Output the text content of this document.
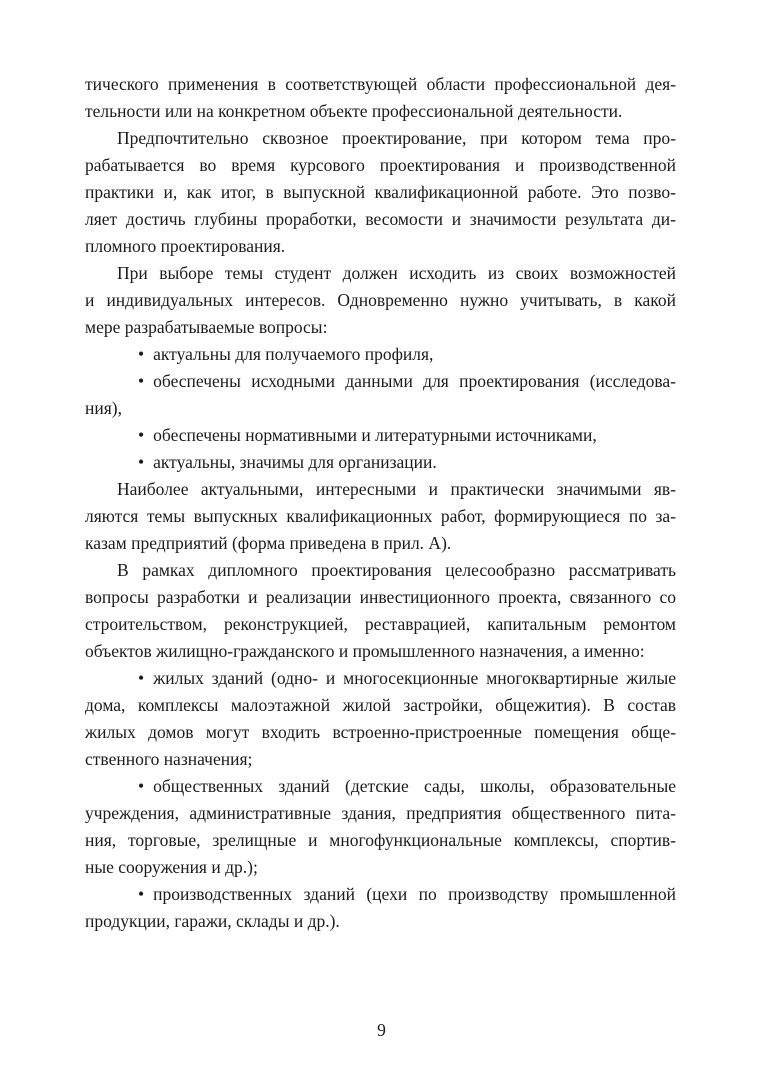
тического применения в соответствующей области профессиональной дея-
тельности или на конкретном объекте профессиональной деятельности.
Предпочтительно сквозное проектирование, при котором тема про-
рабатывается во время курсового проектирования и производственной
практики и, как итог, в выпускной квалификационной работе. Это позво-
ляет достичь глубины проработки, весомости и значимости результата ди-
пломного проектирования.
При выборе темы студент должен исходить из своих возможностей
и индивидуальных интересов. Одновременно нужно учитывать, в какой
мере разрабатываемые вопросы:
• актуальны для получаемого профиля,
• обеспечены исходными данными для проектирования (исследова-
ния),
• обеспечены нормативными и литературными источниками,
• актуальны, значимы для организации.
Наиболее актуальными, интересными и практически значимыми яв-
ляются темы выпускных квалификационных работ, формирующиеся по за-
казам предприятий (форма приведена в прил. А).
В рамках дипломного проектирования целесообразно рассматривать
вопросы разработки и реализации инвестиционного проекта, связанного со
строительством, реконструкцией, реставрацией, капитальным ремонтом
объектов жилищно-гражданского и промышленного назначения, а именно:
• жилых зданий (одно- и многосекционные многоквартирные жилые
дома, комплексы малоэтажной жилой застройки, общежития). В состав
жилых домов могут входить встроенно-пристроенные помещения обще-
ственного назначения;
• общественных зданий (детские сады, школы, образовательные
учреждения, административные здания, предприятия общественного пита-
ния, торговые, зрелищные и многофункциональные комплексы, спортив-
ные сооружения и др.);
• производственных зданий (цехи по производству промышленной
продукции, гаражи, склады и др.).
9
